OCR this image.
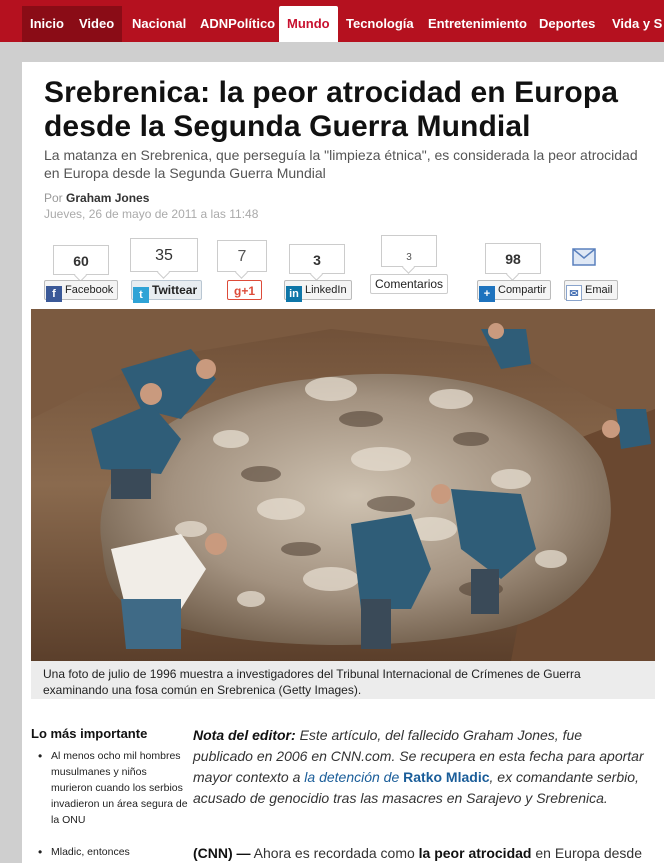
Inicio	Video	Nacional	ADNPolítico Mundo	Tecnología	Entretenimiento Deportes	Vida y S
Srebrenica: la peor atrocidad en Europa desde la Segunda Guerra Mundial

La matanza en Srebrenica, que perseguía la "limpieza étnica", es considerada la peor atrocidad en Europa desde la Segunda Guerra Mundial

Por Graham Jones
Jueves, 26 de mayo de 2011 a las 11:48
60
f Facebook
35
t Twittear
7
g+1
3
in LinkedIn
3
Comentarios
98
+ Compartir	✉ Email
Una foto de julio de 1996 muestra a investigadores del Tribunal Internacional de Crímenes de Guerra examinando una fosa común en Srebrenica (Getty Images).
Lo más importante
• Al menos ocho mil hombres musulmanes y niños murieron cuando los serbios invadieron un área segura de la ONU
• Mladic, entonces

Nota del editor: Este artículo, del fallecido Graham Jones, fue publicado en 2006 en CNN.com. Se recupera en esta fecha para aportar mayor contexto a la detención de Ratko Mladic, ex comandante serbio, acusado de genocidio tras las masacres en Sarajevo y Srebrenica.

(CNN) — Ahora es recordada como la peor atrocidad en Europa desde
